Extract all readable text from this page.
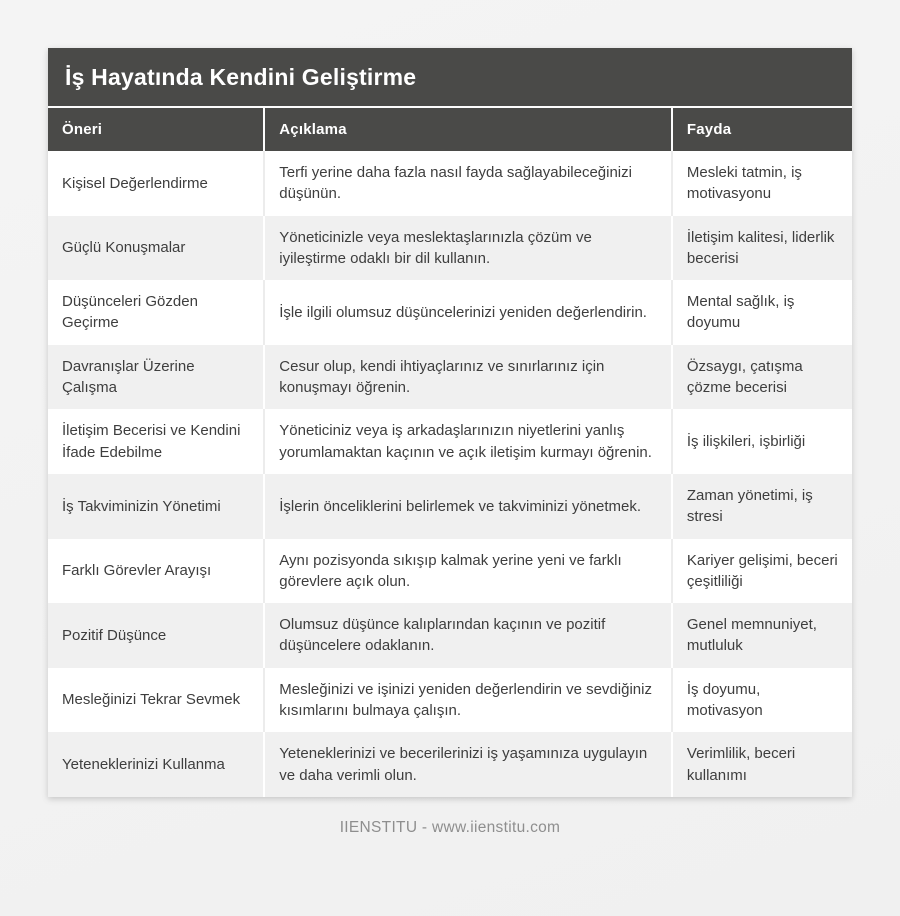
İş Hayatında Kendini Geliştirme
Öneri	Açıklama	Fayda
Kişisel Değerlendirme	Terfi yerine daha fazla nasıl fayda sağlayabileceğinizi düşünün.	Mesleki tatmin, iş motivasyonu
Güçlü Konuşmalar	Yöneticinizle veya meslektaşlarınızla çözüm ve iyileştirme odaklı bir dil kullanın.	İletişim kalitesi, liderlik becerisi
Düşünceleri Gözden Geçirme	İşle ilgili olumsuz düşüncelerinizi yeniden değerlendirin.	Mental sağlık, iş doyumu
Davranışlar Üzerine Çalışma	Cesur olup, kendi ihtiyaçlarınız ve sınırlarınız için konuşmayı öğrenin.	Özsaygı, çatışma çözme becerisi
İletişim Becerisi ve Kendini İfade Edebilme	Yöneticiniz veya iş arkadaşlarınızın niyetlerini yanlış yorumlamaktan kaçının ve açık iletişim kurmayı öğrenin.	İş ilişkileri, işbirliği
İş Takviminizin Yönetimi	İşlerin önceliklerini belirlemek ve takviminizi yönetmek.	Zaman yönetimi, iş stresi
Farklı Görevler Arayışı	Aynı pozisyonda sıkışıp kalmak yerine yeni ve farklı görevlere açık olun.	Kariyer gelişimi, beceri çeşitliliği
Pozitif Düşünce	Olumsuz düşünce kalıplarından kaçının ve pozitif düşüncelere odaklanın.	Genel memnuniyet, mutluluk
Mesleğinizi Tekrar Sevmek	Mesleğinizi ve işinizi yeniden değerlendirin ve sevdiğiniz kısımlarını bulmaya çalışın.	İş doyumu, motivasyon
Yeteneklerinizi Kullanma	Yeteneklerinizi ve becerilerinizi iş yaşamınıza uygulayın ve daha verimli olun.	Verimlilik, beceri kullanımı
IIENSTITU - www.iienstitu.com
